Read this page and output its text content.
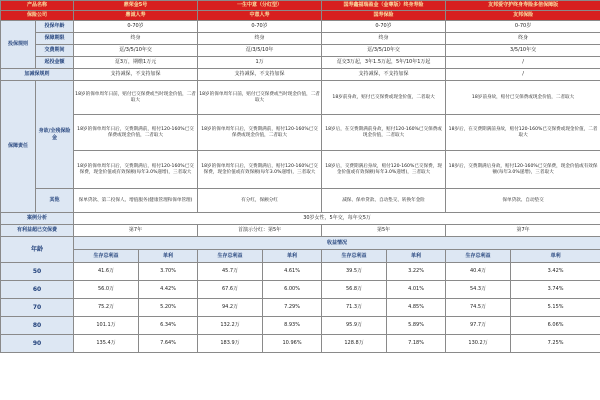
产品名称		鼎荣金5号		一生中意（分红型）		国寿鑫福瑞盈金（金尊版）终身寿险		友邦爱守护终身寿险多倍保障版	
保险公司		鼎诚人寿		中意人寿		国寿保险		友邦保险	
投保规则	投保年龄	0-70岁		0-70岁		0-70岁		0-70岁	
	保障期限	终身		终身		终身		终身	
	交费期间	趸/3/5/10年交		趸/3/5/10年		趸/3/5/10年交		3/5/10年交	
	起投金额	趸3万，期缴1万元		1万		趸交3万起，3年1.5万起，5年/10年1万起		/	
加减保规则		支持减保，不支持加保		支持减保，不支持加保		支持减保，不支持加保		/	
保障责任	身故/全残保险金	18岁的保单周年日前，赔付已交保费或当时现金价值，二者取大		18岁的保单周年日前，赔付已交保费或当时现金价值，二者取大		18岁前身故，赔付已交保费或现金价值，二者取大		18岁前身故，赔付已交保费或现金价值，二者取大	
		18岁的保单周年日后，交费期满前，赔付120-160%已交保费或现金价值，二者取大		18岁的保单周年日后，交费期满前，赔付120-160%已交保费或现金价值，二者取大		18岁后，在交费期满前身故，赔付120-160%已交保费或现金价值，二者取大		18岁后，在交费期满前身故，赔付120-160%已交保费或现金价值，二者取大	
		18岁的保单周年日后，交费期满后，赔付120-160%已交保费，现金价值或有效保额(每年3.0%递增)，三者取大		18岁的保单周年日后，交费期满后，赔付120-160%已交保费，现金价值或有效保额(每年3.0%递增)，三者取大		18岁后，交费期满后身故，赔付120-160%已交保费，现金价值或有效保额(每年3.0%递增)，三者取大		18岁后，交费期满后身故，赔付120-160%已交保费，现金价值或有效保额(每年3.0%递增)，三者取大	
	其他	保单贷款、第二投保人、增值服务(健康管理和保单管理)		有分红，保额分红		减保、保单贷款、自动垫交、转换年金险		保单贷款、自动垫交	
案例分析		30岁女性，5年交，每年交5万							
有利益超已交保费		第7年		首演示分红：第5年		第5年		第7年	
年龄		收益情况							
		生存总利益	单利	生存总利益	单利	生存总利益	单利	生存总利益	单利
50		41.6万	3.70%	45.7万	4.61%	39.5万	3.22%	40.4万	3.42%
60		56.0万	4.42%	67.6万	6.00%	56.8万	4.01%	54.3万	3.74%
70		75.2万	5.20%	94.2万	7.29%	71.3万	4.85%	74.5万	5.15%
80		101.1万	6.34%	132.2万	8.93%	95.9万	5.89%	97.7万	6.06%
90		135.4万	7.64%	183.9万	10.96%	128.8万	7.18%	130.2万	7.25%
